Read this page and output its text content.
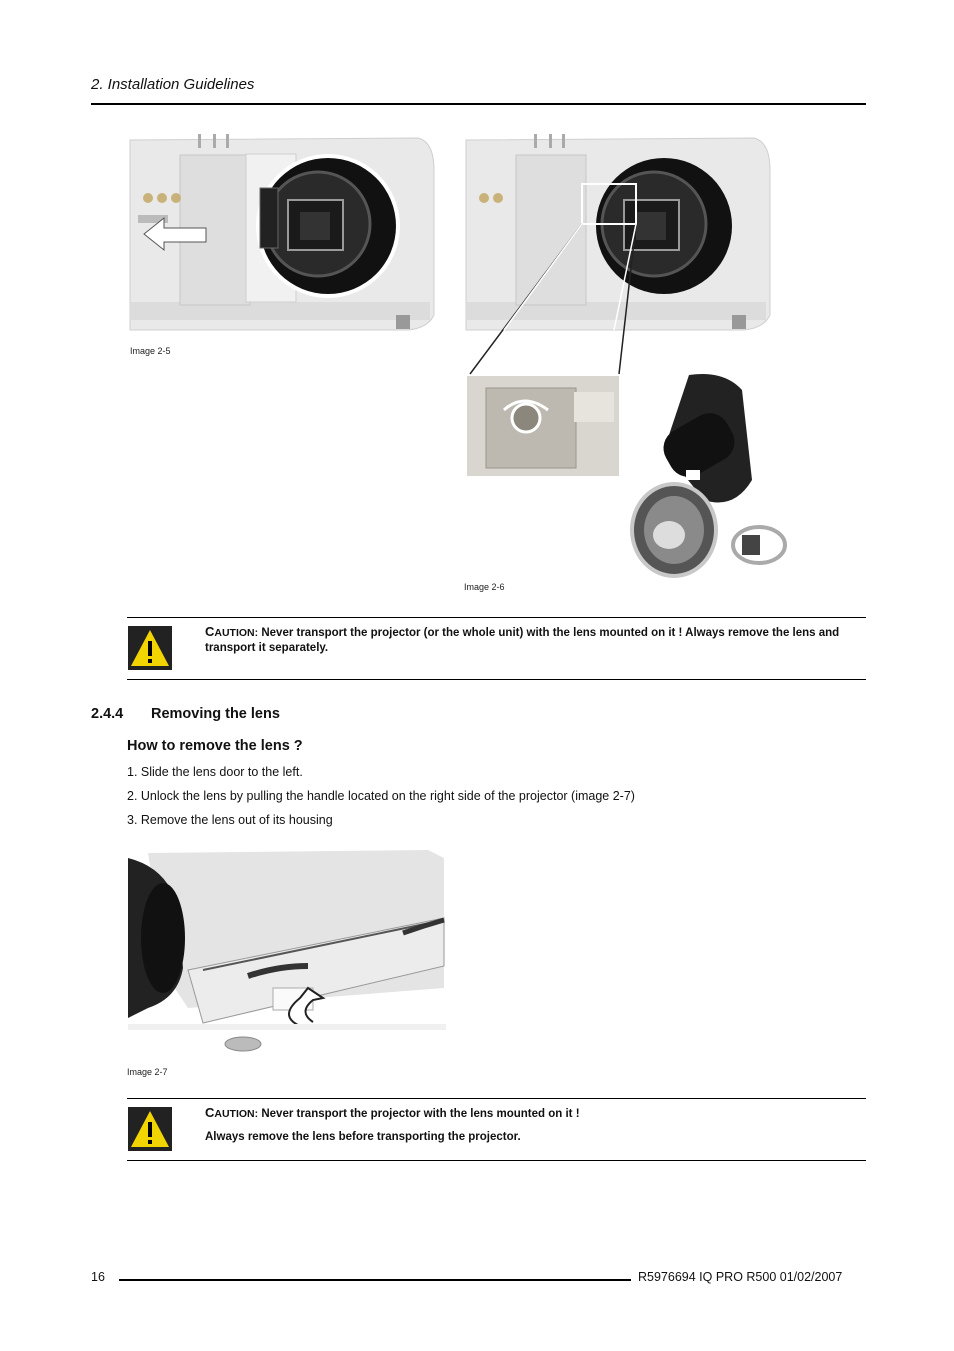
2. Installation Guidelines
Image 2-5
Image 2-6
CAUTION: Never transport the projector (or the whole unit) with the lens mounted on it ! Always remove the lens and transport it separately.
2.4.4 Removing the lens
How to remove the lens ?
1. Slide the lens door to the left.
2. Unlock the lens by pulling the handle located on the right side of the projector (image 2-7)
3. Remove the lens out of its housing
Image 2-7
CAUTION: Never transport the projector with the lens mounted on it !
Always remove the lens before transporting the projector.
16	R5976694 IQ PRO R500 01/02/2007
